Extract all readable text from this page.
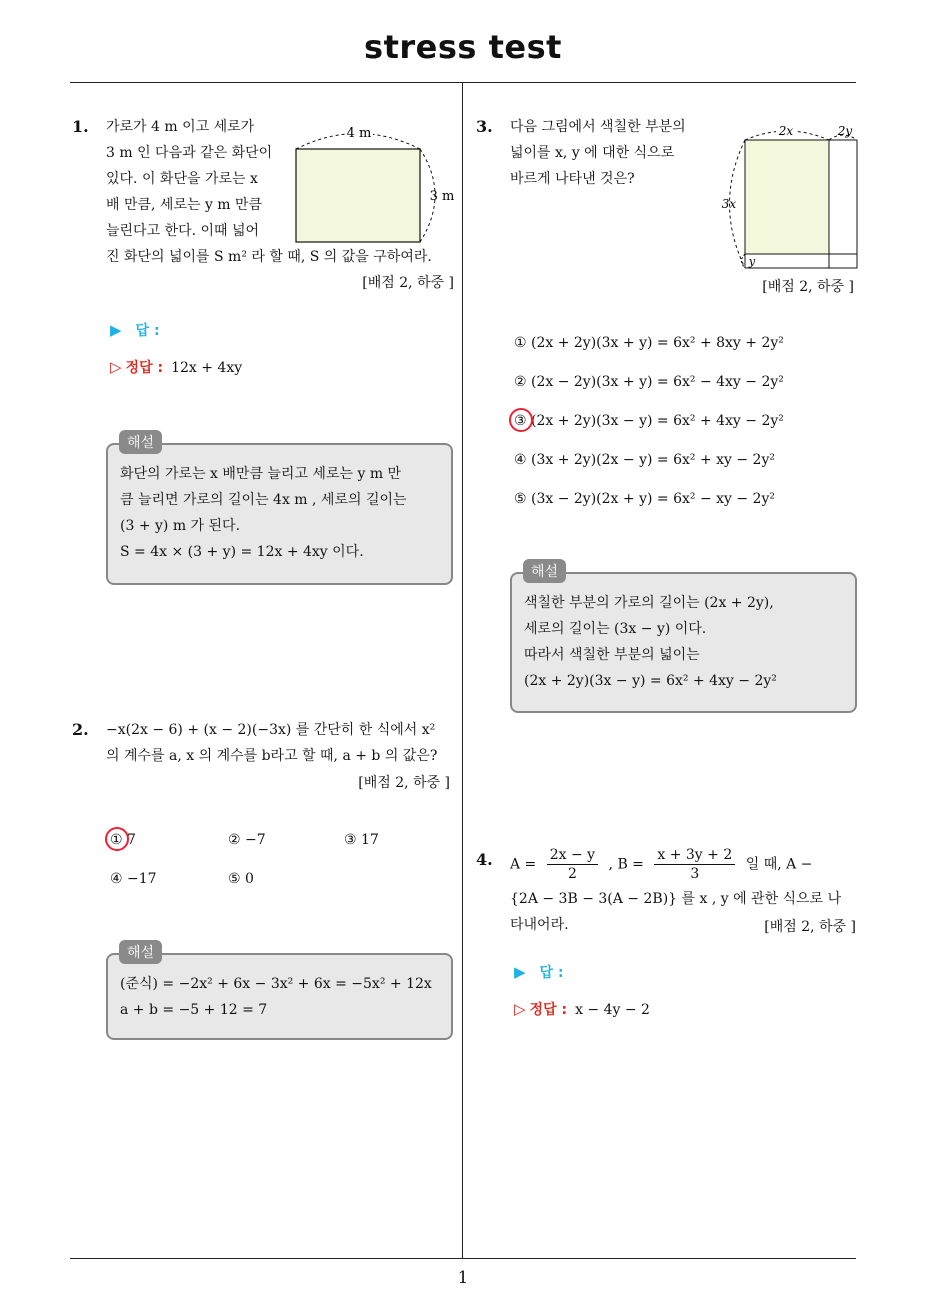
stress test
1
1. 가로가 4 m 이고 세로가
3 m 인 다음과 같은 화단이
있다. 이 화단을 가로는 x
배 만큼, 세로는 y m 만큼
늘린다고 한다. 이때 넓어
진 화단의 넓이를 S m² 라 할 때, S 의 값을 구하여라.
[배점 2, 하중 ]
4 m
3 m
▶ 답 :
▷ 정답 : 12x + 4xy
화단의 가로는 x 배만큼 늘리고 세로는 y m 만
큼 늘리면 가로의 길이는 4x m , 세로의 길이는
(3 + y) m 가 된다.
S = 4x × (3 + y) = 12x + 4xy 이다.
해설
2. −x(2x − 6) + (x − 2)(−3x) 를 간단히 한 식에서 x²
의 계수를 a, x 의 계수를 b라고 할 때, a + b 의 값은?
[배점 2, 하중 ]
① 7	② −7	③ 17
④ −17	⑤ 0
(준식) = −2x² + 6x − 3x² + 6x = −5x² + 12x
a + b = −5 + 12 = 7
해설
3. 다음 그림에서 색칠한 부분의
넓이를 x, y 에 대한 식으로
바르게 나타낸 것은?
2x	2y
3x
y
[배점 2, 하중 ]
① (2x + 2y)(3x + y) = 6x² + 8xy + 2y²
② (2x − 2y)(3x + y) = 6x² − 4xy − 2y²
③ (2x + 2y)(3x − y) = 6x² + 4xy − 2y²
④ (3x + 2y)(2x − y) = 6x² + xy − 2y²
⑤ (3x − 2y)(2x + y) = 6x² − xy − 2y²
색칠한 부분의 가로의 길이는 (2x + 2y),
세로의 길이는 (3x − y) 이다.
따라서 색칠한 부분의 넓이는
(2x + 2y)(3x − y) = 6x² + 4xy − 2y²
해설
4. $A = \frac{2x - y}{2}$ , $B = \frac{x + 3y + 2}{3}$ 일 때, A −
{2A − 3B − 3(A − 2B)} 를 x , y 에 관한 식으로 나
타내어라.	[배점 2, 하중 ]
▶ 답 :
▷ 정답 : x − 4y − 2
